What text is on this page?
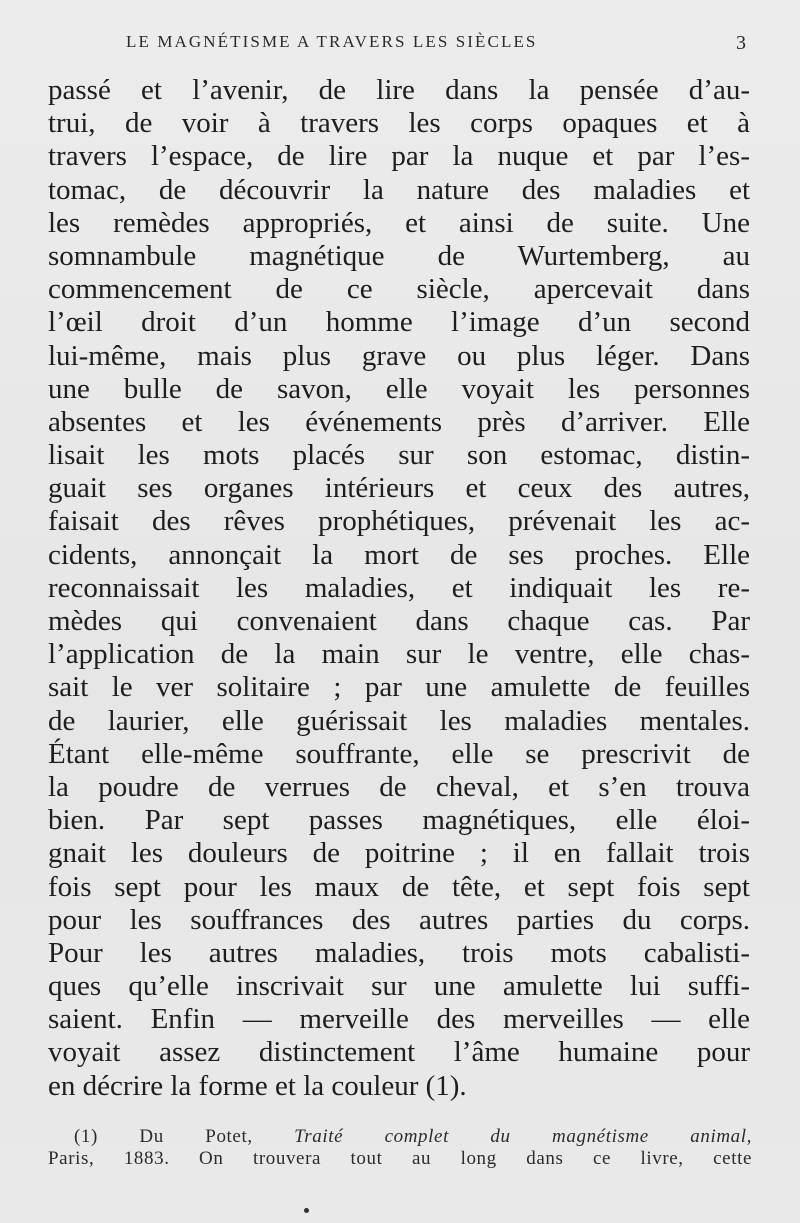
LE MAGNÉTISME A TRAVERS LES SIÈCLES	3
passé et l’avenir, de lire dans la pensée d’au-
trui, de voir à travers les corps opaques et à
travers l’espace, de lire par la nuque et par l’es-
tomac, de découvrir la nature des maladies et
les remèdes appropriés, et ainsi de suite. Une
somnambule magnétique de Wurtemberg, au
commencement de ce siècle, apercevait dans
l’œil droit d’un homme l’image d’un second
lui-même, mais plus grave ou plus léger. Dans
une bulle de savon, elle voyait les personnes
absentes et les événements près d’arriver. Elle
lisait les mots placés sur son estomac, distin-
guait ses organes intérieurs et ceux des autres,
faisait des rêves prophétiques, prévenait les ac-
cidents, annonçait la mort de ses proches. Elle
reconnaissait les maladies, et indiquait les re-
mèdes qui convenaient dans chaque cas. Par
l’application de la main sur le ventre, elle chas-
sait le ver solitaire ; par une amulette de feuilles
de laurier, elle guérissait les maladies mentales.
Étant elle-même souffrante, elle se prescrivit de
la poudre de verrues de cheval, et s’en trouva
bien. Par sept passes magnétiques, elle éloi-
gnait les douleurs de poitrine ; il en fallait trois
fois sept pour les maux de tête, et sept fois sept
pour les souffrances des autres parties du corps.
Pour les autres maladies, trois mots cabalisti-
ques qu’elle inscrivait sur une amulette lui suffi-
saient. Enfin — merveille des merveilles — elle
voyait assez distinctement l’âme humaine pour
en décrire la forme et la couleur (1).
(1) Du Potet, Traité complet du magnétisme animal,
Paris, 1883. On trouvera tout au long dans ce livre, cette
